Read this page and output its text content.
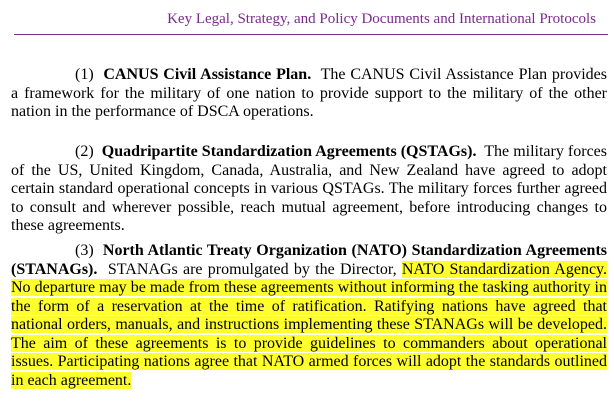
Key Legal, Strategy, and Policy Documents and International Protocols

(1) CANUS Civil Assistance Plan. The CANUS Civil Assistance Plan provides a framework for the military of one nation to provide support to the military of the other nation in the performance of DSCA operations.

(2) Quadripartite Standardization Agreements (QSTAGs). The military forces of the US, United Kingdom, Canada, Australia, and New Zealand have agreed to adopt certain standard operational concepts in various QSTAGs. The military forces further agreed to consult and wherever possible, reach mutual agreement, before introducing changes to these agreements.

(3) North Atlantic Treaty Organization (NATO) Standardization Agreements (STANAGs). STANAGs are promulgated by the Director, NATO Standardization Agency. No departure may be made from these agreements without informing the tasking authority in the form of a reservation at the time of ratification. Ratifying nations have agreed that national orders, manuals, and instructions implementing these STANAGs will be developed. The aim of these agreements is to provide guidelines to commanders about operational issues. Participating nations agree that NATO armed forces will adopt the standards outlined in each agreement.
